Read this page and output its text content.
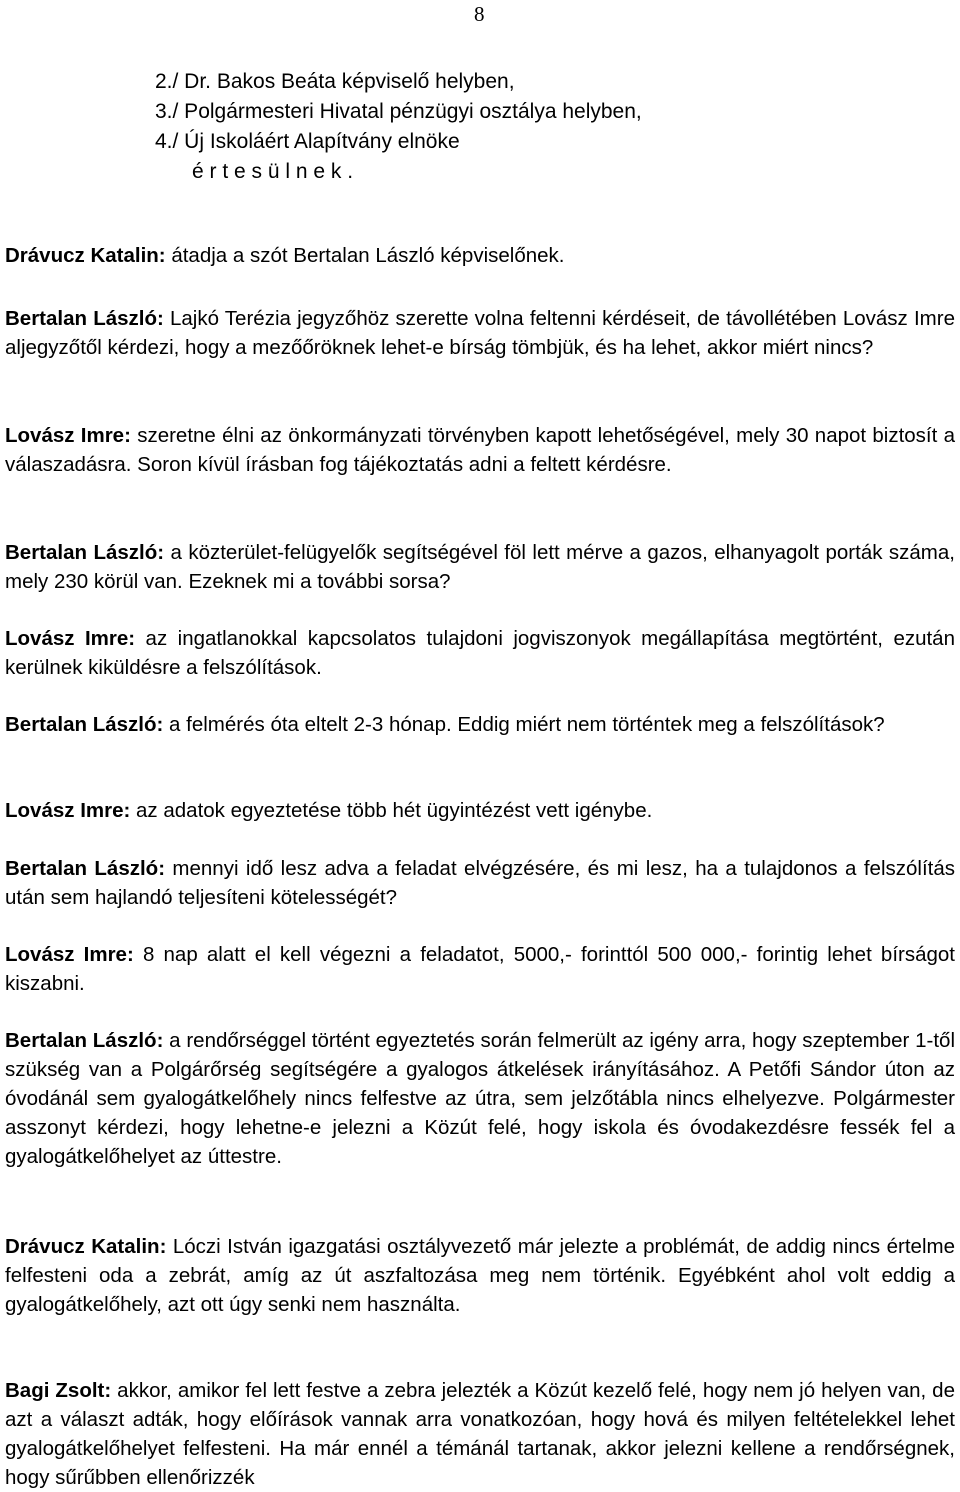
8
2./ Dr. Bakos Beáta képviselő helyben,
3./ Polgármesteri Hivatal pénzügyi osztálya helyben,
4./ Új Iskoláért Alapítvány elnöke
é r t e s ü l n e k .

Drávucz Katalin: átadja a szót Bertalan László képviselőnek.

Bertalan László: Lajkó Terézia jegyzőhöz szerette volna feltenni kérdéseit, de távollétében Lovász Imre aljegyzőtől kérdezi, hogy a mezőőröknek lehet-e bírság tömbjük, és ha lehet, akkor miért nincs?

Lovász Imre: szeretne élni az önkormányzati törvényben kapott lehetőségével, mely 30 napot biztosít a válaszadásra. Soron kívül írásban fog tájékoztatás adni a feltett kérdésre.

Bertalan László: a közterület-felügyelők segítségével föl lett mérve a gazos, elhanyagolt porták száma, mely 230 körül van. Ezeknek mi a további sorsa?

Lovász Imre: az ingatlanokkal kapcsolatos tulajdoni jogviszonyok megállapítása megtörtént, ezután kerülnek kiküldésre a felszólítások.

Bertalan László: a felmérés óta eltelt 2-3 hónap. Eddig miért nem történtek meg a felszólítások?

Lovász Imre: az adatok egyeztetése több hét ügyintézést vett igénybe.

Bertalan László: mennyi idő lesz adva a feladat elvégzésére, és mi lesz, ha a tulajdonos a felszólítás után sem hajlandó teljesíteni kötelességét?

Lovász Imre: 8 nap alatt el kell végezni a feladatot, 5000,- forinttól 500 000,- forintig lehet bírságot kiszabni.

Bertalan László: a rendőrséggel történt egyeztetés során felmerült az igény arra, hogy szeptember 1-től szükség van a Polgárőrség segítségére a gyalogos átkelések irányításához. A Petőfi Sándor úton az óvodánál sem gyalogátkelőhely nincs felfestve az útra, sem jelzőtábla nincs elhelyezve. Polgármester asszonyt kérdezi, hogy lehetne-e jelezni a Közút felé, hogy iskola és óvodakezdésre fessék fel a gyalogátkelőhelyet az úttestre.

Drávucz Katalin: Lóczi István igazgatási osztályvezető már jelezte a problémát, de addig nincs értelme felfesteni oda a zebrát, amíg az út aszfaltozása meg nem történik. Egyébként ahol volt eddig a gyalogátkelőhely, azt ott úgy senki nem használta.

Bagi Zsolt: akkor, amikor fel lett festve a zebra jelezték a Közút kezelő felé, hogy nem jó helyen van, de azt a választ adták, hogy előírások vannak arra vonatkozóan, hogy hová és milyen feltételekkel lehet gyalogátkelőhelyet felfesteni. Ha már ennél a témánál tartanak, akkor jelezni kellene a rendőrségnek, hogy sűrűbben ellenőrizzék
